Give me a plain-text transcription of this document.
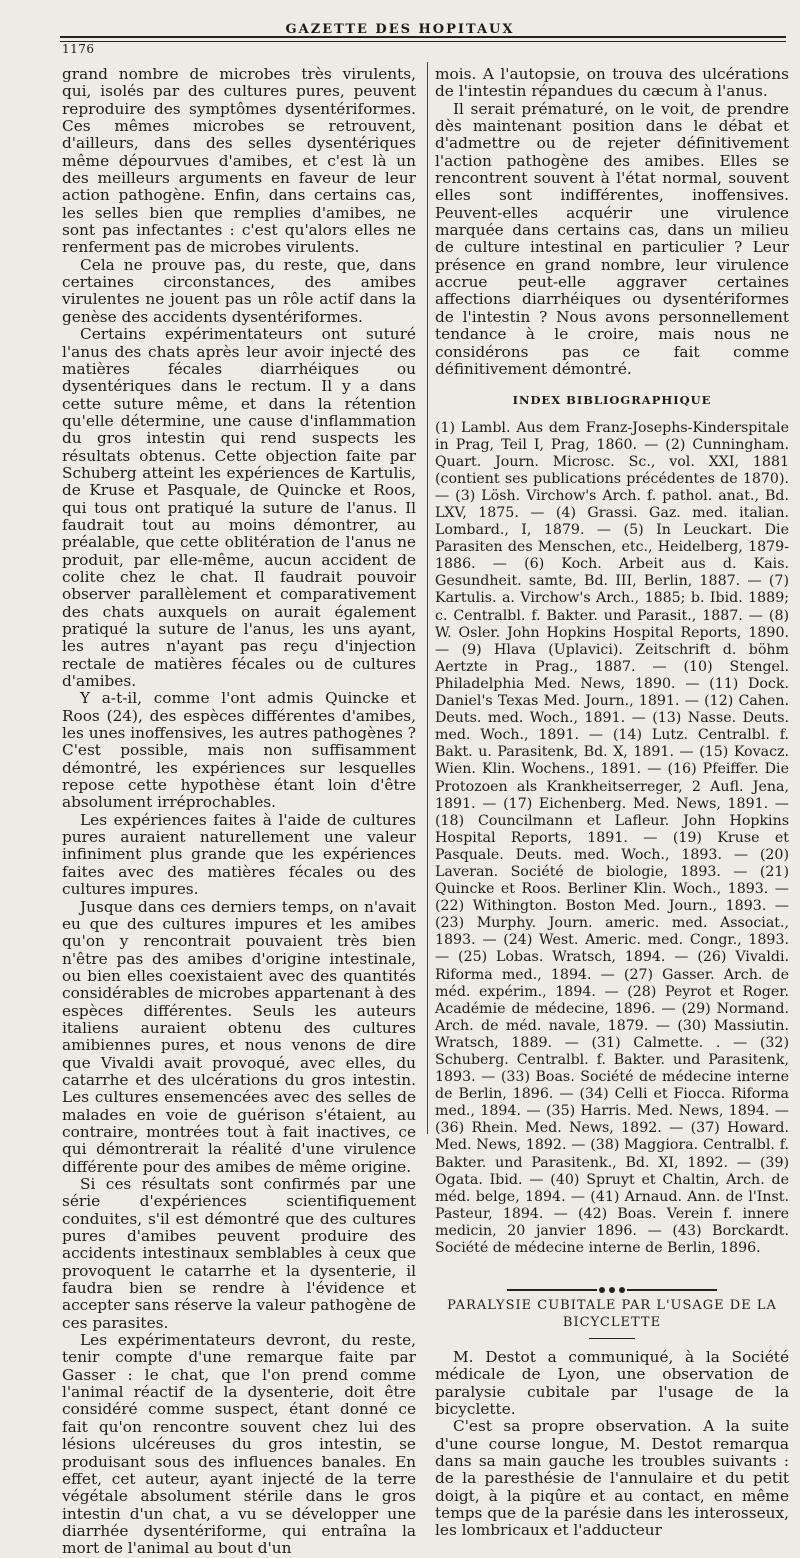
GAZETTE DES HOPITAUX
1176

grand nombre de microbes très virulents, qui, isolés par des cultures pures, peuvent reproduire des symptômes dysentériformes. Ces mêmes microbes se retrouvent, d'ailleurs, dans des selles dysentériques même dépourvues d'amibes, et c'est là un des meilleurs arguments en faveur de leur action pathogène. Enfin, dans certains cas, les selles bien que remplies d'amibes, ne sont pas infectantes : c'est qu'alors elles ne renferment pas de microbes virulents.

Cela ne prouve pas, du reste, que, dans certaines circonstances, des amibes virulentes ne jouent pas un rôle actif dans la genèse des accidents dysentériformes.

Certains expérimentateurs ont suturé l'anus des chats après leur avoir injecté des matières fécales diarrhéiques ou dysentériques dans le rectum. Il y a dans cette suture même, et dans la rétention qu'elle détermine, une cause d'inflammation du gros intestin qui rend suspects les résultats obtenus. Cette objection faite par Schuberg atteint les expériences de Kartulis, de Kruse et Pasquale, de Quincke et Roos, qui tous ont pratiqué la suture de l'anus. Il faudrait tout au moins démontrer, au préalable, que cette oblitération de l'anus ne produit, par elle-même, aucun accident de colite chez le chat. Il faudrait pouvoir observer parallèlement et comparativement des chats auxquels on aurait également pratiqué la suture de l'anus, les uns ayant, les autres n'ayant pas reçu d'injection rectale de matières fécales ou de cultures d'amibes.

Y a-t-il, comme l'ont admis Quincke et Roos (24), des espèces différentes d'amibes, les unes inoffensives, les autres pathogènes ? C'est possible, mais non suffisamment démontré, les expériences sur lesquelles repose cette hypothèse étant loin d'être absolument irréprochables.

Les expériences faites à l'aide de cultures pures auraient naturellement une valeur infiniment plus grande que les expériences faites avec des matières fécales ou des cultures impures.

Jusque dans ces derniers temps, on n'avait eu que des cultures impures et les amibes qu'on y rencontrait pouvaient très bien n'être pas des amibes d'origine intestinale, ou bien elles coexistaient avec des quantités considérables de microbes appartenant à des espèces différentes. Seuls les auteurs italiens auraient obtenu des cultures amibiennes pures, et nous venons de dire que Vivaldi avait provoqué, avec elles, du catarrhe et des ulcérations du gros intestin. Les cultures ensemencées avec des selles de malades en voie de guérison s'étaient, au contraire, montrées tout à fait inactives, ce qui démontrerait la réalité d'une virulence différente pour des amibes de même origine.

Si ces résultats sont confirmés par une série d'expériences scientifiquement conduites, s'il est démontré que des cultures pures d'amibes peuvent produire des accidents intestinaux semblables à ceux que provoquent le catarrhe et la dysenterie, il faudra bien se rendre à l'évidence et accepter sans réserve la valeur pathogène de ces parasites.

Les expérimentateurs devront, du reste, tenir compte d'une remarque faite par Gasser : le chat, que l'on prend comme l'animal réactif de la dysenterie, doit être considéré comme suspect, étant donné ce fait qu'on rencontre souvent chez lui des lésions ulcéreuses du gros intestin, se produisant sous des influences banales. En effet, cet auteur, ayant injecté de la terre végétale absolument stérile dans le gros intestin d'un chat, a vu se développer une diarrhée dysentériforme, qui entraîna la mort de l'animal au bout d'un

mois. A l'autopsie, on trouva des ulcérations de l'intestin répandues du cæcum à l'anus.

Il serait prématuré, on le voit, de prendre dès maintenant position dans le débat et d'admettre ou de rejeter définitivement l'action pathogène des amibes. Elles se rencontrent souvent à l'état normal, souvent elles sont indifférentes, inoffensives. Peuvent-elles acquérir une virulence marquée dans certains cas, dans un milieu de culture intestinal en particulier ? Leur présence en grand nombre, leur virulence accrue peut-elle aggraver certaines affections diarrhéiques ou dysentériformes de l'intestin ? Nous avons personnellement tendance à le croire, mais nous ne considérons pas ce fait comme définitivement démontré.

INDEX BIBLIOGRAPHIQUE

(1) Lambl. Aus dem Franz-Josephs-Kinderspitale in Prag, Teil I, Prag, 1860. — (2) Cunningham. Quart. Journ. Microsc. Sc., vol. XXI, 1881 (contient ses publications précédentes de 1870). — (3) Lösh. Virchow's Arch. f. pathol. anat., Bd. LXV, 1875. — (4) Grassi. Gaz. med. italian. Lombard., I, 1879. — (5) In Leuckart. Die Parasiten des Menschen, etc., Heidelberg, 1879-1886. — (6) Koch. Arbeit aus d. Kais. Gesundheit. samte, Bd. III, Berlin, 1887. — (7) Kartulis. a. Virchow's Arch., 1885; b. Ibid. 1889; c. Centralbl. f. Bakter. und Parasit., 1887. — (8) W. Osler. John Hopkins Hospital Reports, 1890. — (9) Hlava (Uplavici). Zeitschrift d. böhm Aertzte in Prag., 1887. — (10) Stengel. Philadelphia Med. News, 1890. — (11) Dock. Daniel's Texas Med. Journ., 1891. — (12) Cahen. Deuts. med. Woch., 1891. — (13) Nasse. Deuts. med. Woch., 1891. — (14) Lutz. Centralbl. f. Bakt. u. Parasitenk, Bd. X, 1891. — (15) Kovacz. Wien. Klin. Wochens., 1891. — (16) Pfeiffer. Die Protozoen als Krankheitserreger, 2 Aufl. Jena, 1891. — (17) Eichenberg. Med. News, 1891. — (18) Councilmann et Lafleur. John Hopkins Hospital Reports, 1891. — (19) Kruse et Pasquale. Deuts. med. Woch., 1893. — (20) Laveran. Société de biologie, 1893. — (21) Quincke et Roos. Berliner Klin. Woch., 1893. — (22) Withington. Boston Med. Journ., 1893. — (23) Murphy. Journ. americ. med. Associat., 1893. — (24) West. Americ. med. Congr., 1893. — (25) Lobas. Wratsch, 1894. — (26) Vivaldi. Riforma med., 1894. — (27) Gasser. Arch. de méd. expérim., 1894. — (28) Peyrot et Roger. Académie de médecine, 1896. — (29) Normand. Arch. de méd. navale, 1879. — (30) Massiutin. Wratsch, 1889. — (31) Calmette. . — (32) Schuberg. Centralbl. f. Bakter. und Parasitenk, 1893. — (33) Boas. Société de médecine interne de Berlin, 1896. — (34) Celli et Fiocca. Riforma med., 1894. — (35) Harris. Med. News, 1894. — (36) Rhein. Med. News, 1892. — (37) Howard. Med. News, 1892. — (38) Maggiora. Centralbl. f. Bakter. und Parasitenk., Bd. XI, 1892. — (39) Ogata. Ibid. — (40) Spruyt et Chaltin, Arch. de méd. belge, 1894. — (41) Arnaud. Ann. de l'Inst. Pasteur, 1894. — (42) Boas. Verein f. innere medicin, 20 janvier 1896. — (43) Borckardt. Société de médecine interne de Berlin, 1896.

PARALYSIE CUBITALE PAR L'USAGE DE LA BICYCLETTE

M. Destot a communiqué, à la Société médicale de Lyon, une observation de paralysie cubitale par l'usage de la bicyclette.

C'est sa propre observation. A la suite d'une course longue, M. Destot remarqua dans sa main gauche les troubles suivants : de la paresthésie de l'annulaire et du petit doigt, à la piqûre et au contact, en même temps que de la parésie dans les interosseux, les lombricaux et l'adducteur
